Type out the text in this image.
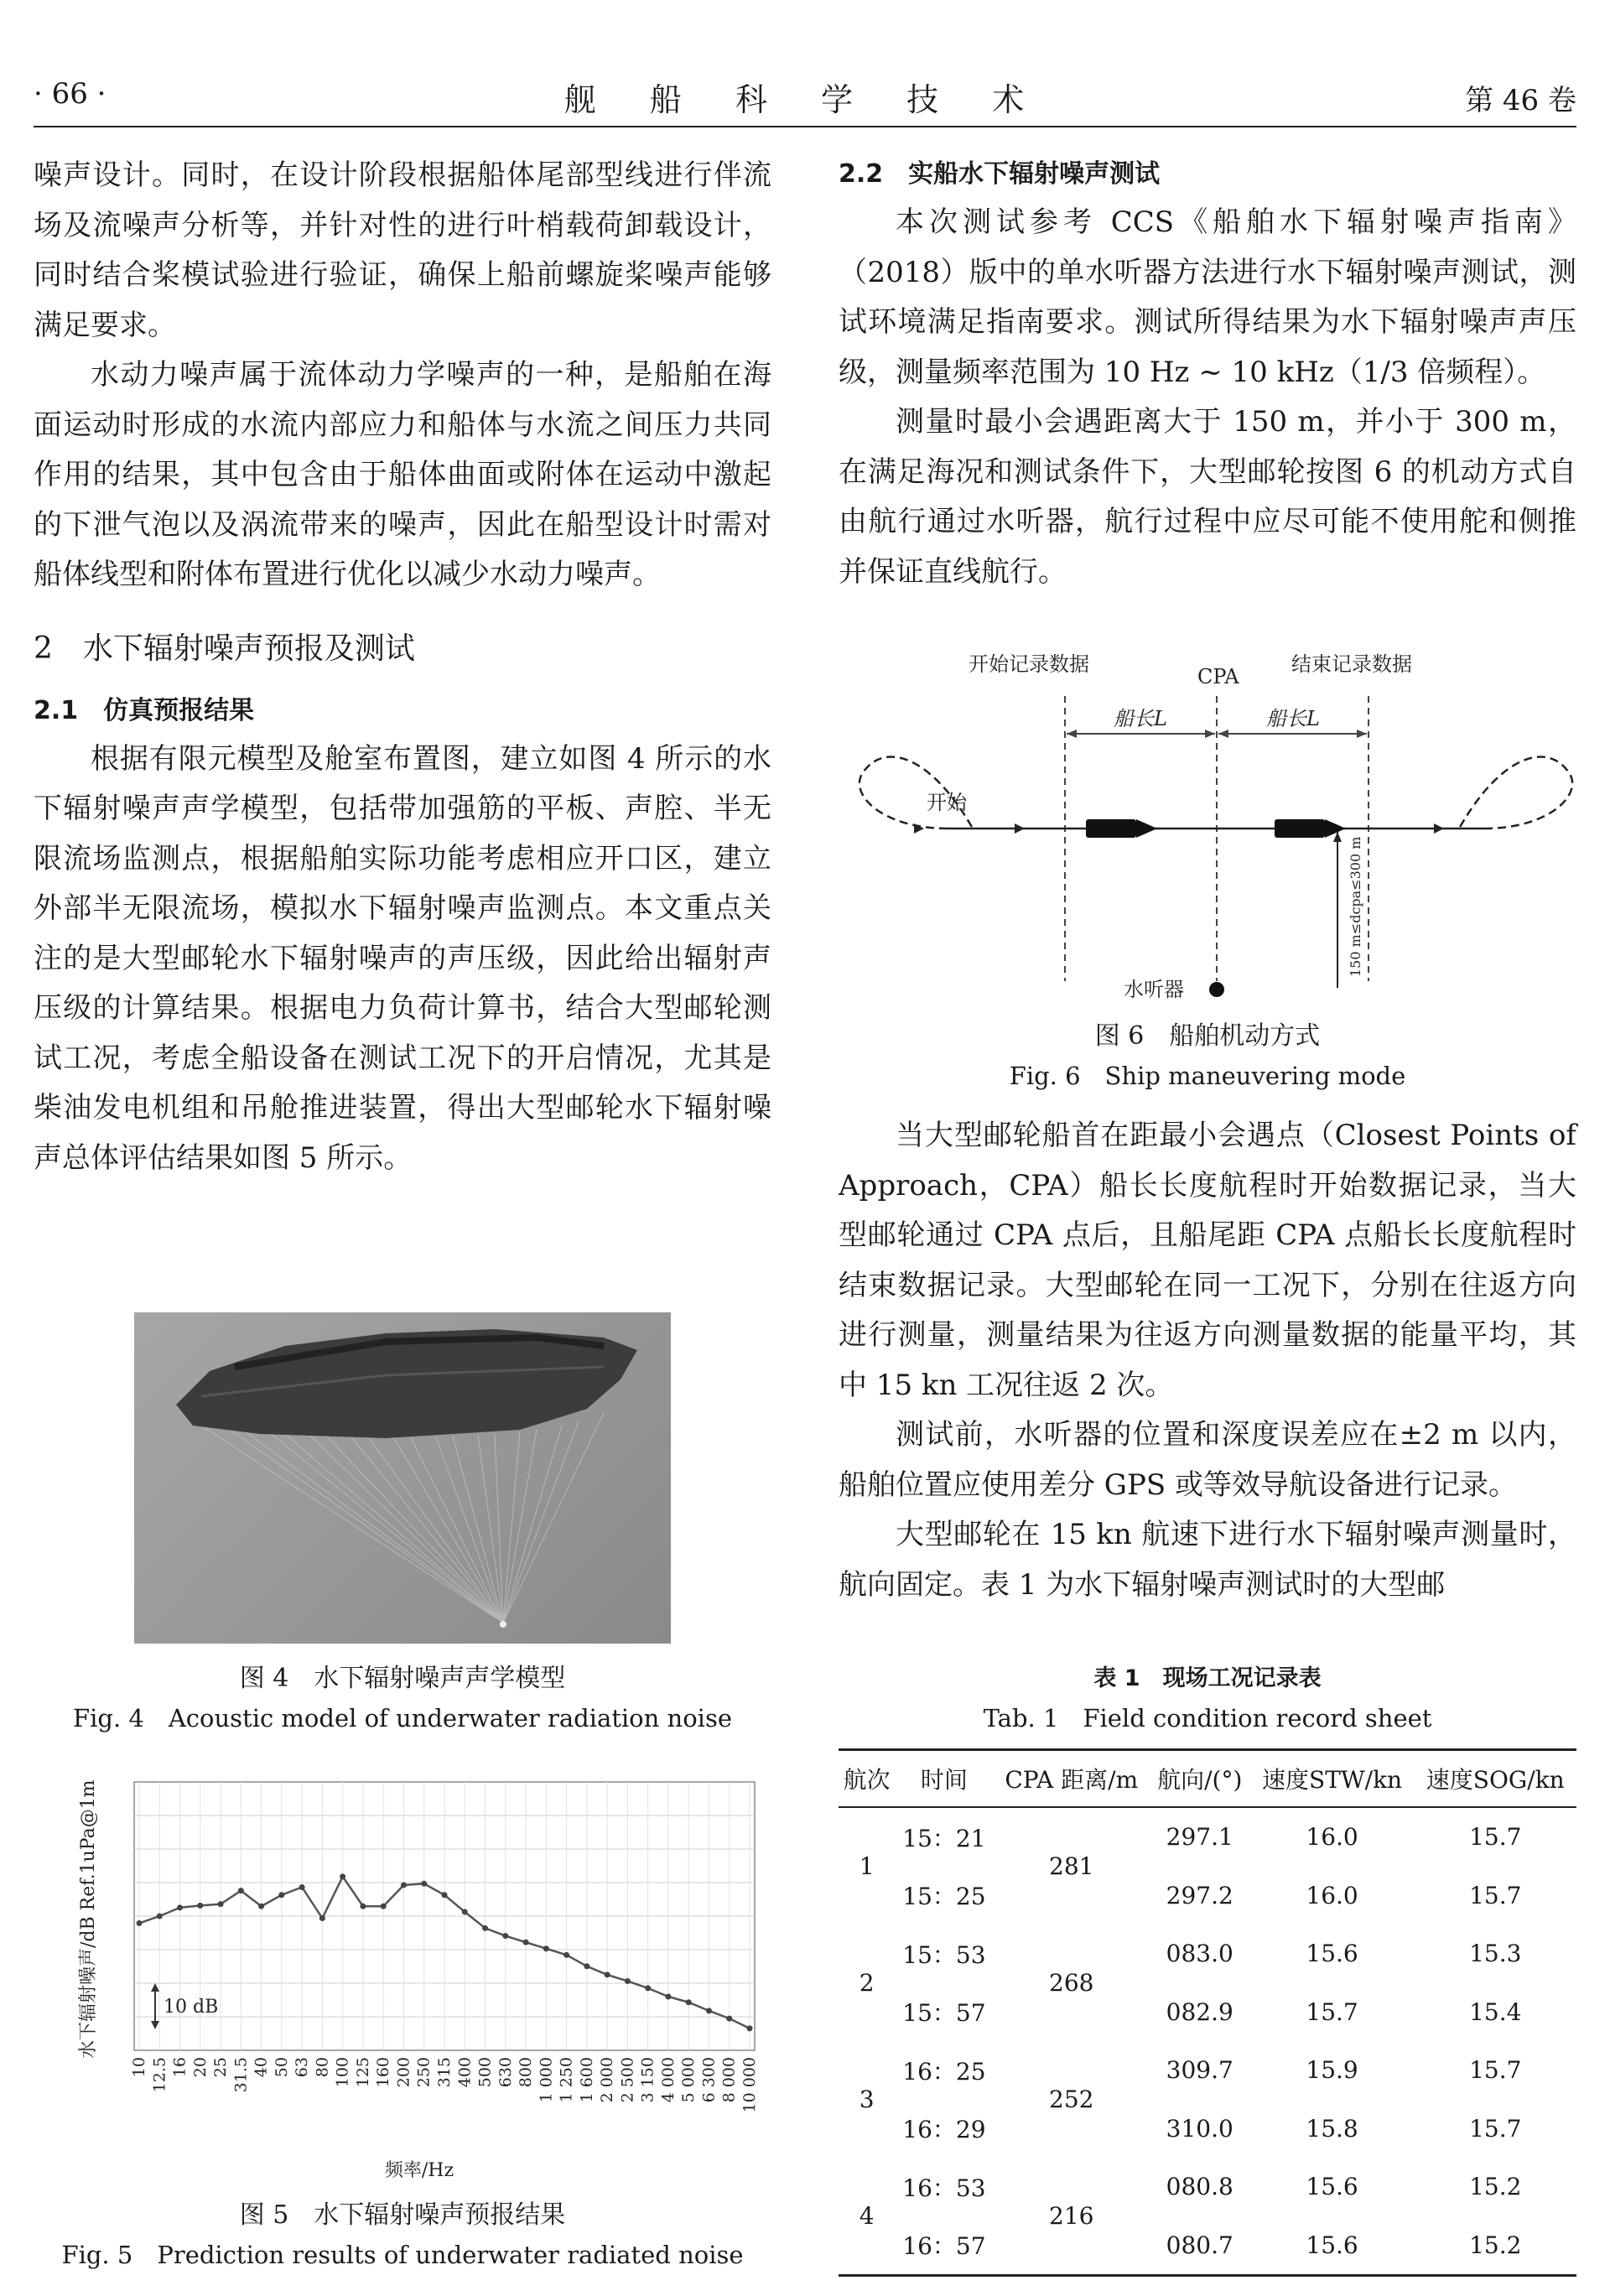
· 66 ·	舰 船 科 学 技 术	第 46 卷

噪声设计。同时，在设计阶段根据船体尾部型线进行伴流场及流噪声分析等，并针对性的进行叶梢载荷卸载设计，同时结合桨模试验进行验证，确保上船前螺旋桨噪声能够满足要求。

水动力噪声属于流体动力学噪声的一种，是船舶在海面运动时形成的水流内部应力和船体与水流之间压力共同作用的结果，其中包含由于船体曲面或附体在运动中激起的下泄气泡以及涡流带来的噪声，因此在船型设计时需对船体线型和附体布置进行优化以减少水动力噪声。

2　水下辐射噪声预报及测试
2.1　仿真预报结果

根据有限元模型及舱室布置图，建立如图 4 所示的水下辐射噪声声学模型，包括带加强筋的平板、声腔、半无限流场监测点，根据船舶实际功能考虑相应开口区，建立外部半无限流场，模拟水下辐射噪声监测点。本文重点关注的是大型邮轮水下辐射噪声的声压级，因此给出辐射声压级的计算结果。根据电力负荷计算书，结合大型邮轮测试工况，考虑全船设备在测试工况下的开启情况，尤其是柴油发电机组和吊舱推进装置，得出大型邮轮水下辐射噪声总体评估结果如图 5 所示。

图 4　水下辐射噪声声学模型
Fig. 4　Acoustic model of underwater radiation noise
10 12.5 16 20 25 31.5 40 50 63 80 100 125 160 200 250 315 400 500 630 800 1 000 1 250 1 600 2 000 2 500 3 150 4 000 5 000 6 300 8 000 10 000
10 dB
水下辐射噪声/dB Ref.1uPa@1m
频率/Hz
图 5　水下辐射噪声预报结果
Fig. 5　Prediction results of underwater radiated noise
2.2　实船水下辐射噪声测试

本次测试参考 CCS《船舶水下辐射噪声指南》（2018）版中的单水听器方法进行水下辐射噪声测试，测试环境满足指南要求。测试所得结果为水下辐射噪声声压级，测量频率范围为 10 Hz ~ 10 kHz（1/3 倍频程）。

测量时最小会遇距离大于 150 m，并小于 300 m，在满足海况和测试条件下，大型邮轮按图 6 的机动方式自由航行通过水听器，航行过程中应尽可能不使用舵和侧推并保证直线航行。

开始记录数据
CPA
结束记录数据
船长L	船长L
开始
150 m≤dcpa≤300 m
水听器
图 6　船舶机动方式
Fig. 6　Ship maneuvering mode

当大型邮轮船首在距最小会遇点（Closest Points of Approach，CPA）船长长度航程时开始数据记录，当大型邮轮通过 CPA 点后，且船尾距 CPA 点船长长度航程时结束数据记录。大型邮轮在同一工况下，分别在往返方向进行测量，测量结果为往返方向测量数据的能量平均，其中 15 kn 工况往返 2 次。

测试前，水听器的位置和深度误差应在±2 m 以内，船舶位置应使用差分 GPS 或等效导航设备进行记录。

大型邮轮在 15 kn 航速下进行水下辐射噪声测量时，航向固定。表 1 为水下辐射噪声测试时的大型邮

表 1　现场工况记录表
Tab. 1　Field condition record sheet
航次	时间	CPA 距离/m	航向/(°)	速度STW/kn	速度SOG/kn
1	15：21	281	297.1	16.0	15.7
	15：25		297.2	16.0	15.7
2	15：53	268	083.0	15.6	15.3
	15：57		082.9	15.7	15.4
3	16：25	252	309.7	15.9	15.7
	16：29		310.0	15.8	15.7
4	16：53	216	080.8	15.6	15.2
	16：57		080.7	15.6	15.2
